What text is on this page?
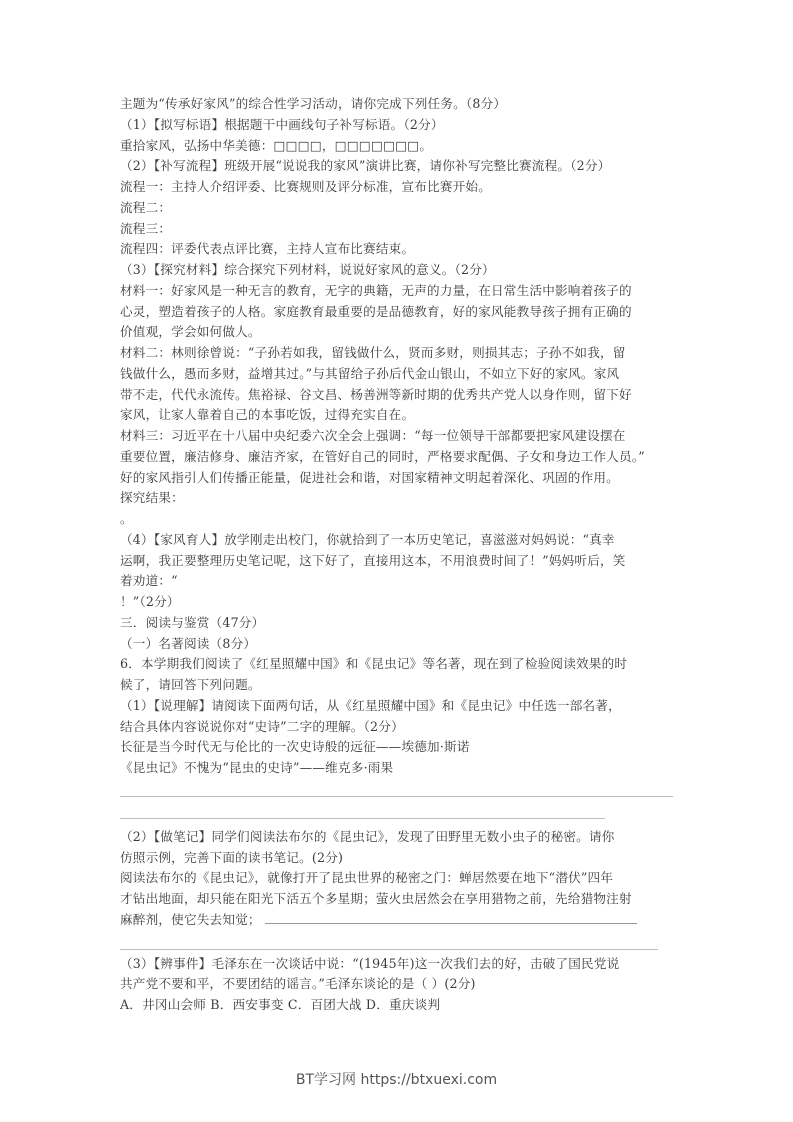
主题为“传承好家风”的综合性学习活动，请你完成下列任务。（8分）
（1）【拟写标语】根据题干中画线句子补写标语。（2分）
重拾家风，弘扬中华美德：□□□□，□□□□□□□。
（2）【补写流程】班级开展“说说我的家风”演讲比赛，请你补写完整比赛流程。（2分）
流程一：主持人介绍评委、比赛规则及评分标准，宣布比赛开始。
流程二：
流程三：
流程四：评委代表点评比赛，主持人宣布比赛结束。
（3）【探究材料】综合探究下列材料，说说好家风的意义。（2分）
材料一：好家风是一种无言的教育，无字的典籍，无声的力量，在日常生活中影响着孩子的
心灵，塑造着孩子的人格。家庭教育最重要的是品德教育，好的家风能教导孩子拥有正确的
价值观，学会如何做人。
材料二：林则徐曾说：“子孙若如我，留钱做什么，贤而多财，则损其志；子孙不如我，留
钱做什么，愚而多财，益增其过。”与其留给子孙后代金山银山，不如立下好的家风。家风
带不走，代代永流传。焦裕禄、谷文昌、杨善洲等新时期的优秀共产党人以身作则，留下好
家风，让家人靠着自己的本事吃饭，过得充实自在。
材料三：习近平在十八届中央纪委六次全会上强调：“每一位领导干部都要把家风建设摆在
重要位置，廉洁修身、廉洁齐家，在管好自己的同时，严格要求配偶、子女和身边工作人员。”
好的家风指引人们传播正能量，促进社会和谐，对国家精神文明起着深化、巩固的作用。
探究结果：
。
（4）【家风育人】放学刚走出校门，你就拾到了一本历史笔记，喜滋滋对妈妈说：“真幸
运啊，我正要整理历史笔记呢，这下好了，直接用这本，不用浪费时间了！”妈妈听后，笑
着劝道：“
！”（2分）
三．阅读与鉴赏（47分）
（一）名著阅读（8分）
6．本学期我们阅读了《红星照耀中国》和《昆虫记》等名著，现在到了检验阅读效果的时
候了，请回答下列问题。
（1）【说理解】请阅读下面两句话，从《红星照耀中国》和《昆虫记》中任选一部名著，
结合具体内容说说你对“史诗”二字的理解。（2分）
长征是当今时代无与伦比的一次史诗般的远征——埃德加·斯诺
《昆虫记》不愧为“昆虫的史诗”——维克多·雨果
（2）【做笔记】同学们阅读法布尔的《昆虫记》，发现了田野里无数小虫子的秘密。请你
仿照示例，完善下面的读书笔记。(2分)
阅读法布尔的《昆虫记》，就像打开了昆虫世界的秘密之门：蝉居然要在地下“潜伏”四年
才钻出地面，却只能在阳光下活五个多星期；萤火虫居然会在享用猎物之前，先给猎物注射
麻醉剂，使它失去知觉；
（3）【辨事件】毛泽东在一次谈话中说：“(1945年)这一次我们去的好，击破了国民党说
共产党不要和平，不要团结的谣言。”毛泽东谈论的是（ ）(2分)
A．井冈山会师 B．西安事变 C．百团大战 D．重庆谈判
BT学习网 https://btxuexi.com
